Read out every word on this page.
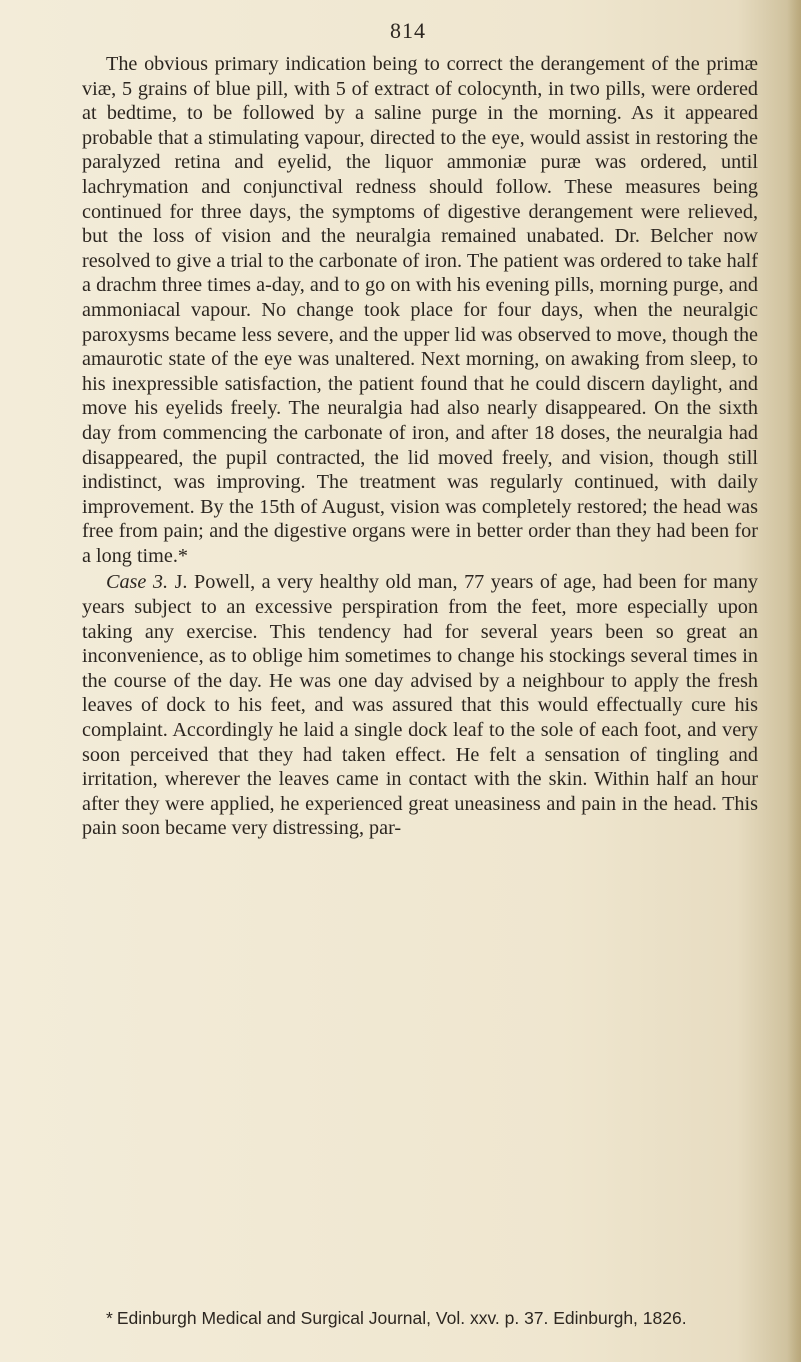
814

The obvious primary indication being to correct the derangement of the primæ viæ, 5 grains of blue pill, with 5 of extract of colocynth, in two pills, were ordered at bedtime, to be followed by a saline purge in the morning. As it appeared probable that a stimulating vapour, directed to the eye, would assist in restoring the paralyzed retina and eyelid, the liquor ammoniæ puræ was ordered, until lachrymation and conjunctival redness should follow. These measures being continued for three days, the symptoms of digestive derangement were relieved, but the loss of vision and the neuralgia remained unabated. Dr. Belcher now resolved to give a trial to the carbonate of iron. The patient was ordered to take half a drachm three times a-day, and to go on with his evening pills, morning purge, and ammoniacal vapour. No change took place for four days, when the neuralgic paroxysms became less severe, and the upper lid was observed to move, though the amaurotic state of the eye was unaltered. Next morning, on awaking from sleep, to his inexpressible satisfaction, the patient found that he could discern daylight, and move his eyelids freely. The neuralgia had also nearly disappeared. On the sixth day from commencing the carbonate of iron, and after 18 doses, the neuralgia had disappeared, the pupil contracted, the lid moved freely, and vision, though still indistinct, was improving. The treatment was regularly continued, with daily improvement. By the 15th of August, vision was completely restored; the head was free from pain; and the digestive organs were in better order than they had been for a long time.*

Case 3. J. Powell, a very healthy old man, 77 years of age, had been for many years subject to an excessive perspiration from the feet, more especially upon taking any exercise. This tendency had for several years been so great an inconvenience, as to oblige him sometimes to change his stockings several times in the course of the day. He was one day advised by a neighbour to apply the fresh leaves of dock to his feet, and was assured that this would effectually cure his complaint. Accordingly he laid a single dock leaf to the sole of each foot, and very soon perceived that they had taken effect. He felt a sensation of tingling and irritation, wherever the leaves came in contact with the skin. Within half an hour after they were applied, he experienced great uneasiness and pain in the head. This pain soon became very distressing, par-

* Edinburgh Medical and Surgical Journal, Vol. xxv. p. 37. Edinburgh, 1826.
